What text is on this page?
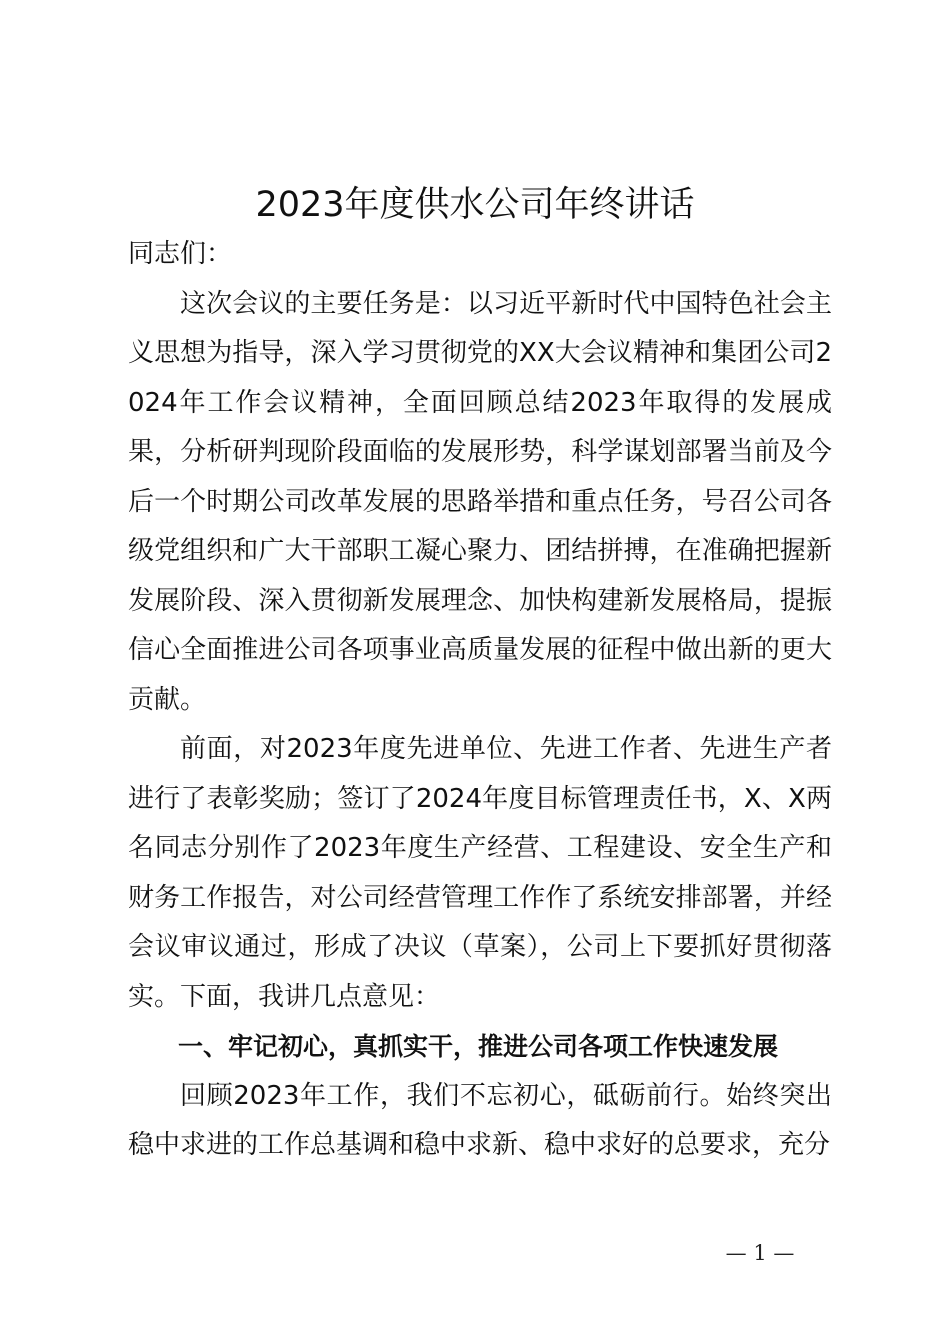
2023年度供水公司年终讲话

同志们：

这次会议的主要任务是：以习近平新时代中国特色社会主义思想为指导，深入学习贯彻党的XX大会议精神和集团公司2024年工作会议精神，全面回顾总结2023年取得的发展成果，分析研判现阶段面临的发展形势，科学谋划部署当前及今后一个时期公司改革发展的思路举措和重点任务，号召公司各级党组织和广大干部职工凝心聚力、团结拼搏，在准确把握新发展阶段、深入贯彻新发展理念、加快构建新发展格局，提振信心全面推进公司各项事业高质量发展的征程中做出新的更大贡献。

前面，对2023年度先进单位、先进工作者、先进生产者进行了表彰奖励；签订了2024年度目标管理责任书，X、X两名同志分别作了2023年度生产经营、工程建设、安全生产和财务工作报告，对公司经营管理工作作了系统安排部署，并经会议审议通过，形成了决议（草案），公司上下要抓好贯彻落实。下面，我讲几点意见：

一、牢记初心，真抓实干，推进公司各项工作快速发展

回顾2023年工作，我们不忘初心，砥砺前行。始终突出稳中求进的工作总基调和稳中求新、稳中求好的总要求，充分

— 1 —
